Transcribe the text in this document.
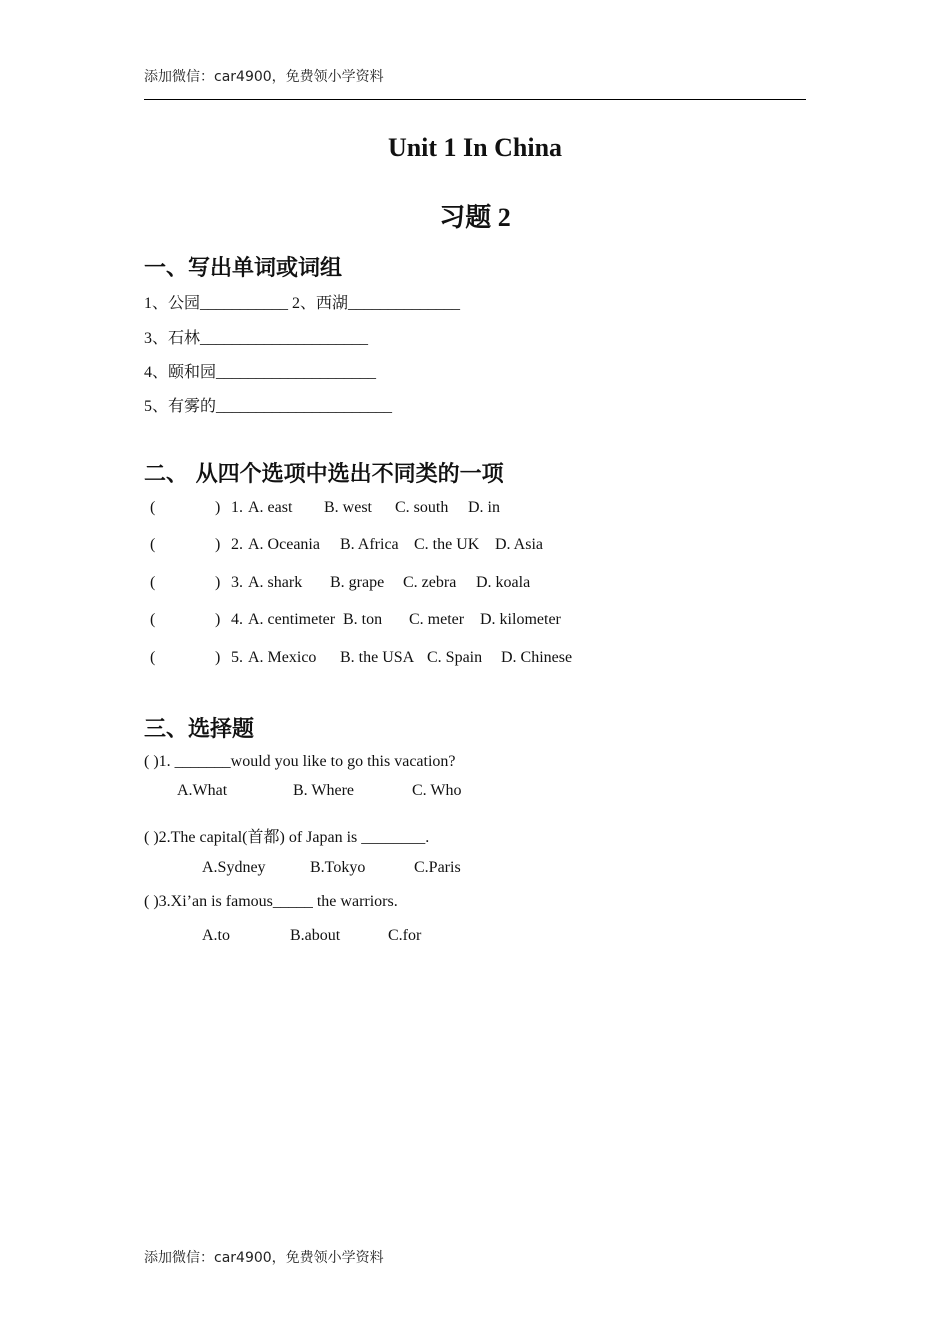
添加微信：car4900，免费领小学资料
Unit 1 In China
习题 2
一、写出单词或词组
1、公园___________ 2、西湖______________
3、石林_____________________
4、颐和园____________________
5、有雾的______________________
二、 从四个选项中选出不同类的一项
(	) 1. A. east B. west C. south D. in
(	) 2. A. Oceania B. Africa C. the UK D. Asia
(	) 3. A. shark B. grape C. zebra D. koala
(	) 4. A. centimeter B. ton C. meter D. kilometer
(	) 5. A. Mexico B. the USA C. Spain D. Chinese
三、选择题
( )1. _______would you like to go this vacation?
A.What	B. Where	C. Who
( )2.The capital(首都) of Japan is ________.
A.Sydney	B.Tokyo	C.Paris
( )3.Xi’an is famous_____ the warriors.
A.to	B.about	C.for
添加微信：car4900，免费领小学资料
